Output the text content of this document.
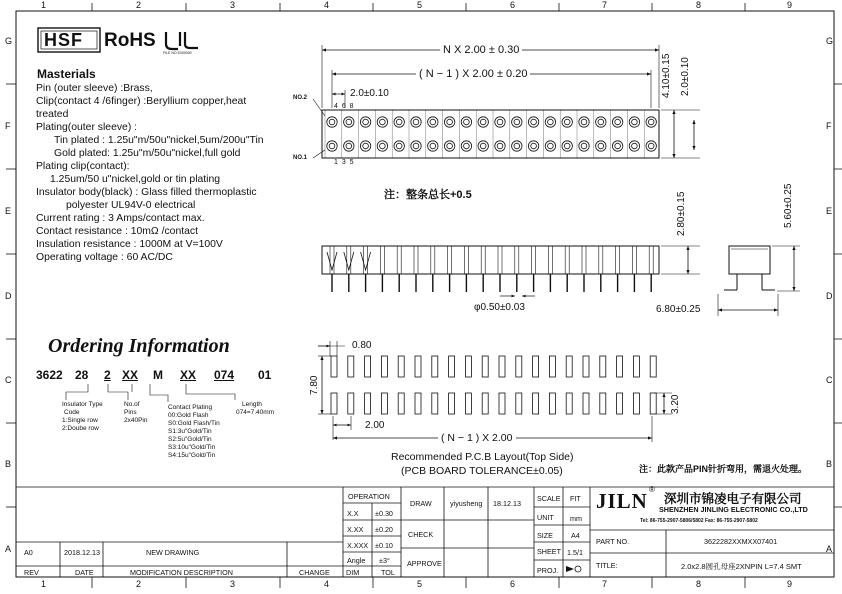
1
1
2
2
3
3
4
4
5
5
6
6
7
7
8
8
9
9
G	G
F	F
E	E
D	D
C	C
B	B
A	A
HSF RoHS
FILE NO E000000
Masterials
Pin (outer sleeve) :Brass,
Clip(contact 4 /6finger) :Beryllium copper,heat
treated
Plating(outer sleeve) :
Tin plated : 1.25u"m/50u"nickel,5um/200u"Tin
Gold plated: 1.25u"m/50u"nickel,full gold
Plating clip(contact):
1.25um/50 u"nickel,gold or tin plating
Insulator body(black) : Glass filled thermoplastic
polyester UL94V-0 electrical
Current rating : 3 Amps/contact max.
Contact resistance : 10mΩ /contact
Insulation resistance : 1000M at V=100V
Operating voltage : 60 AC/DC
Ordering Information
3622 28 2 XX M XX 074 01
Insulator Type
Code
1:Single row
2:Doube row
No.of
Pins
2x40Pin
Contact Plating
00:Gold Flash
S0:Gold Flash/Tin
S1:3u"Gold/Tin
S2:5u"Gold/Tin
S3:10u"Gold/Tin
S4:15u"Gold/Tin
Length
074=7.40mm
N X 2.00 ± 0.30
( N − 1 ) X 2.00 ± 0.20
2.0±0.10
NO.2
NO.1
4 6 8
1 3 5
4.10±0.15 2.0±0.10
注：整条总长+0.5	2.80±0.15
φ0.50±0.03
5.60±0.25
6.80±0.25
0.80
7.80
2.00
3.20
( N − 1 ) X 2.00
Recommended P.C.B Layout(Top Side)
(PCB BOARD TOLERANCE±0.05)	注：此款产品PIN针折弯用，需退火处理。
A0	2018.12.13	NEW DRAWING
REV	DATE	MODIFICATION DESCRIPTION	CHANGE DIM	TOL
OPERATION
X.X ±0.30
X.XX ±0.20
X.XXX ±0.10
Angle ±3°
DRAW
CHECK
APPROVE
yiyusheng 18.12.13
SCALE FIT
UNIT mm
SIZE	A4
SHEET 1.5/1
PROJ.
JILN ®
深圳市锦凌电子有限公司
SHENZHEN JINLING ELECTRONIC CO.,LTD
Tel: 86-755-2907-5806/5802 Fax: 86-755-2907-5802
PART NO.	3622282XXMXX07401
TITLE:	2.0x2.8圆孔母座2XNPIN L=7.4 SMT
